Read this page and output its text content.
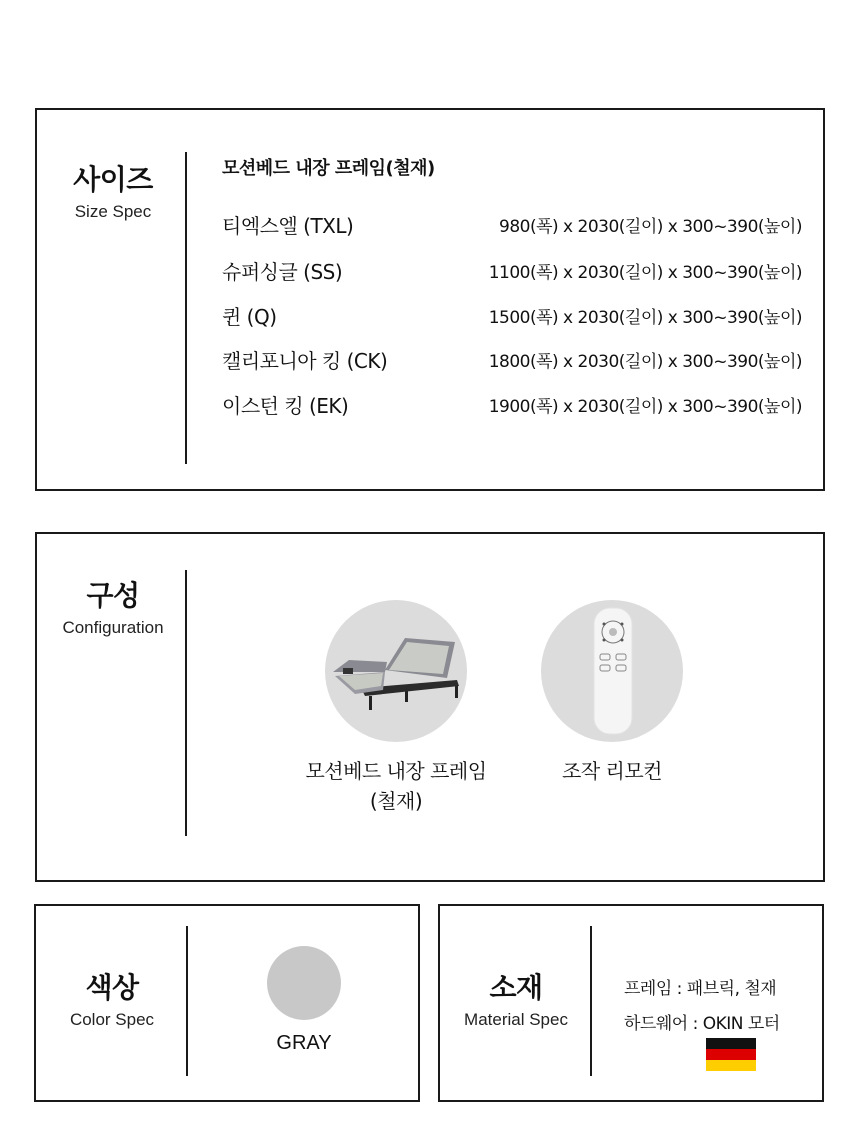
사이즈
Size Spec
모션베드 내장 프레임(철재)
티엑스엘 (TXL)	980(폭) x 2030(길이) x 300~390(높이)
슈퍼싱글 (SS)	1100(폭) x 2030(길이) x 300~390(높이)
퀸 (Q)	1500(폭) x 2030(길이) x 300~390(높이)
캘리포니아 킹 (CK)	1800(폭) x 2030(길이) x 300~390(높이)
이스턴 킹 (EK)	1900(폭) x 2030(길이) x 300~390(높이)
구성
Configuration
모션베드 내장 프레임
(철재)
조작 리모컨
색상
Color Spec
GRAY
소재
Material Spec
프레임 : 패브릭, 철재
하드웨어 : OKIN 모터
